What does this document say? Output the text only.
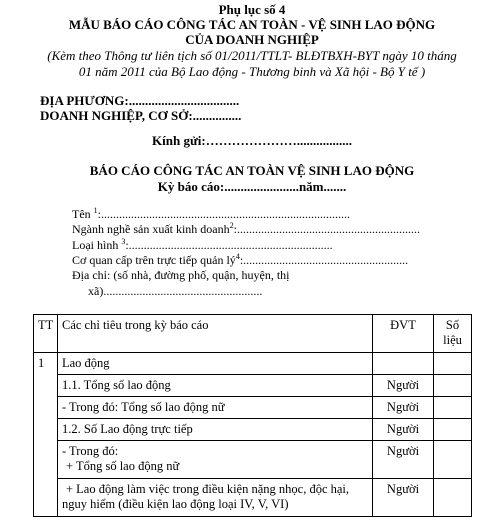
Phụ lục số 4
MẪU BÁO CÁO CÔNG TÁC AN TOÀN - VỆ SINH LAO ĐỘNG
CỦA DOANH NGHIỆP
(Kèm theo Thông tư liên tịch số 01/2011/TTLT- BLĐTBXH-BYT ngày 10 tháng
01 năm 2011 của Bộ Lao động - Thương binh và Xã hội - Bộ Y tế )
ĐỊA PHƯƠNG:..................................
DOANH NGHIỆP, CƠ SỞ:...............
Kính gửi:………………….................
BÁO CÁO CÔNG TÁC AN TOÀN VỆ SINH LAO ĐỘNG
Kỳ báo cáo:.......................năm.......
Tên $^1$:...................................................................................
Ngành nghề sản xuất kinh doanh$^2$:.............................................................
Loại hình $^3$:....................................................................
Cơ quan cấp trên trực tiếp quản $lý^4$:.......................................................
Địa chỉ: (số nhà, đường phố, quận, huyện, thị
xã).....................................................
TT	Các chỉ tiêu trong kỳ báo cáo	ĐVT	Số
liệu

1	Lao động		
	1.1. Tổng số lao động	Người	
	- Trong đó: Tổng số lao động nữ	Người	
	1.2. Số Lao động trực tiếp	Người	

	- Trong đó:
+ Tổng số lao động nữ	Người	

	+ Lao động làm việc trong điều kiện nặng nhọc, độc hại,
nguy hiểm (điều kiện lao động loại IV, V, VI)	Người	
